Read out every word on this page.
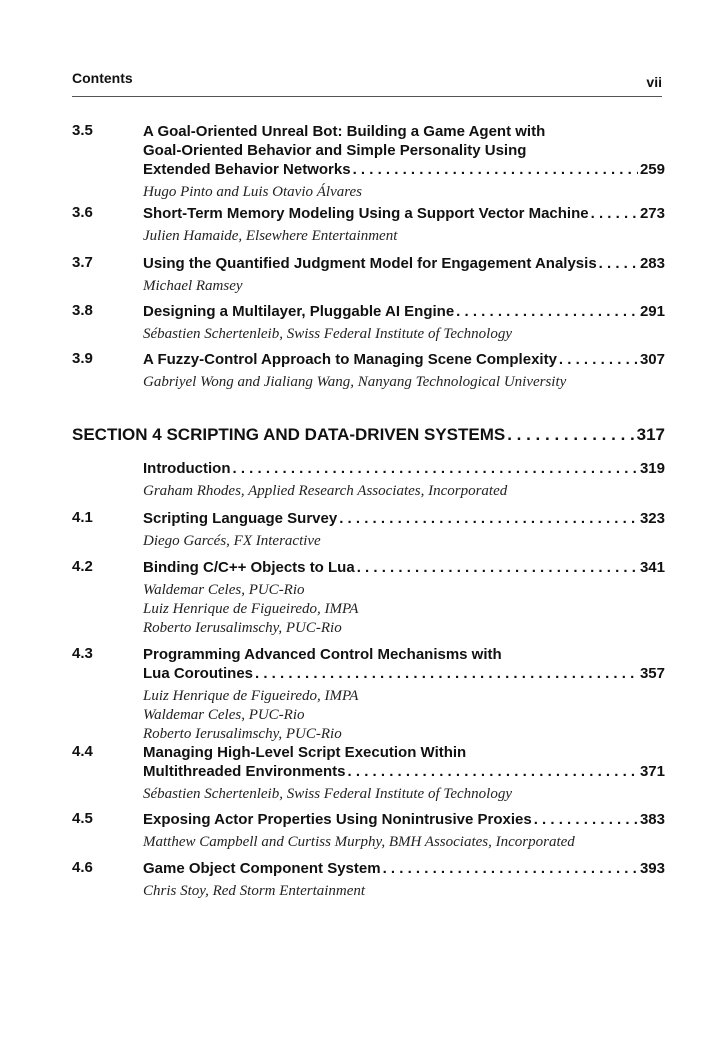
Contents	vii
3.5	A Goal-Oriented Unreal Bot: Building a Game Agent with
Goal-Oriented Behavior and Simple Personality Using
Extended Behavior Networks . . .	259
Hugo Pinto and Luis Otavio Álvares
3.6	Short-Term Memory Modeling Using a Support Vector Machine . . .	273
Julien Hamaide, Elsewhere Entertainment
3.7	Using the Quantified Judgment Model for Engagement Analysis . . .	283
Michael Ramsey
3.8	Designing a Multilayer, Pluggable AI Engine . . .	291
Sébastien Schertenleib, Swiss Federal Institute of Technology
3.9	A Fuzzy-Control Approach to Managing Scene Complexity . . .	307
Gabriyel Wong and Jialiang Wang, Nanyang Technological University
SECTION 4 SCRIPTING AND DATA-DRIVEN SYSTEMS . . .	317
Introduction . . .	319
Graham Rhodes, Applied Research Associates, Incorporated
4.1	Scripting Language Survey . . .	323
Diego Garcés, FX Interactive
4.2	Binding C/C++ Objects to Lua . . .	341
Waldemar Celes, PUC-Rio
Luiz Henrique de Figueiredo, IMPA
Roberto Ierusalimschy, PUC-Rio
4.3	Programming Advanced Control Mechanisms with
Lua Coroutines . . .	357
Luiz Henrique de Figueiredo, IMPA
Waldemar Celes, PUC-Rio
Roberto Ierusalimschy, PUC-Rio
4.4	Managing High-Level Script Execution Within
Multithreaded Environments . . .	371
Sébastien Schertenleib, Swiss Federal Institute of Technology
4.5	Exposing Actor Properties Using Nonintrusive Proxies . . .	383
Matthew Campbell and Curtiss Murphy, BMH Associates, Incorporated
4.6	Game Object Component System . . .	393
Chris Stoy, Red Storm Entertainment
